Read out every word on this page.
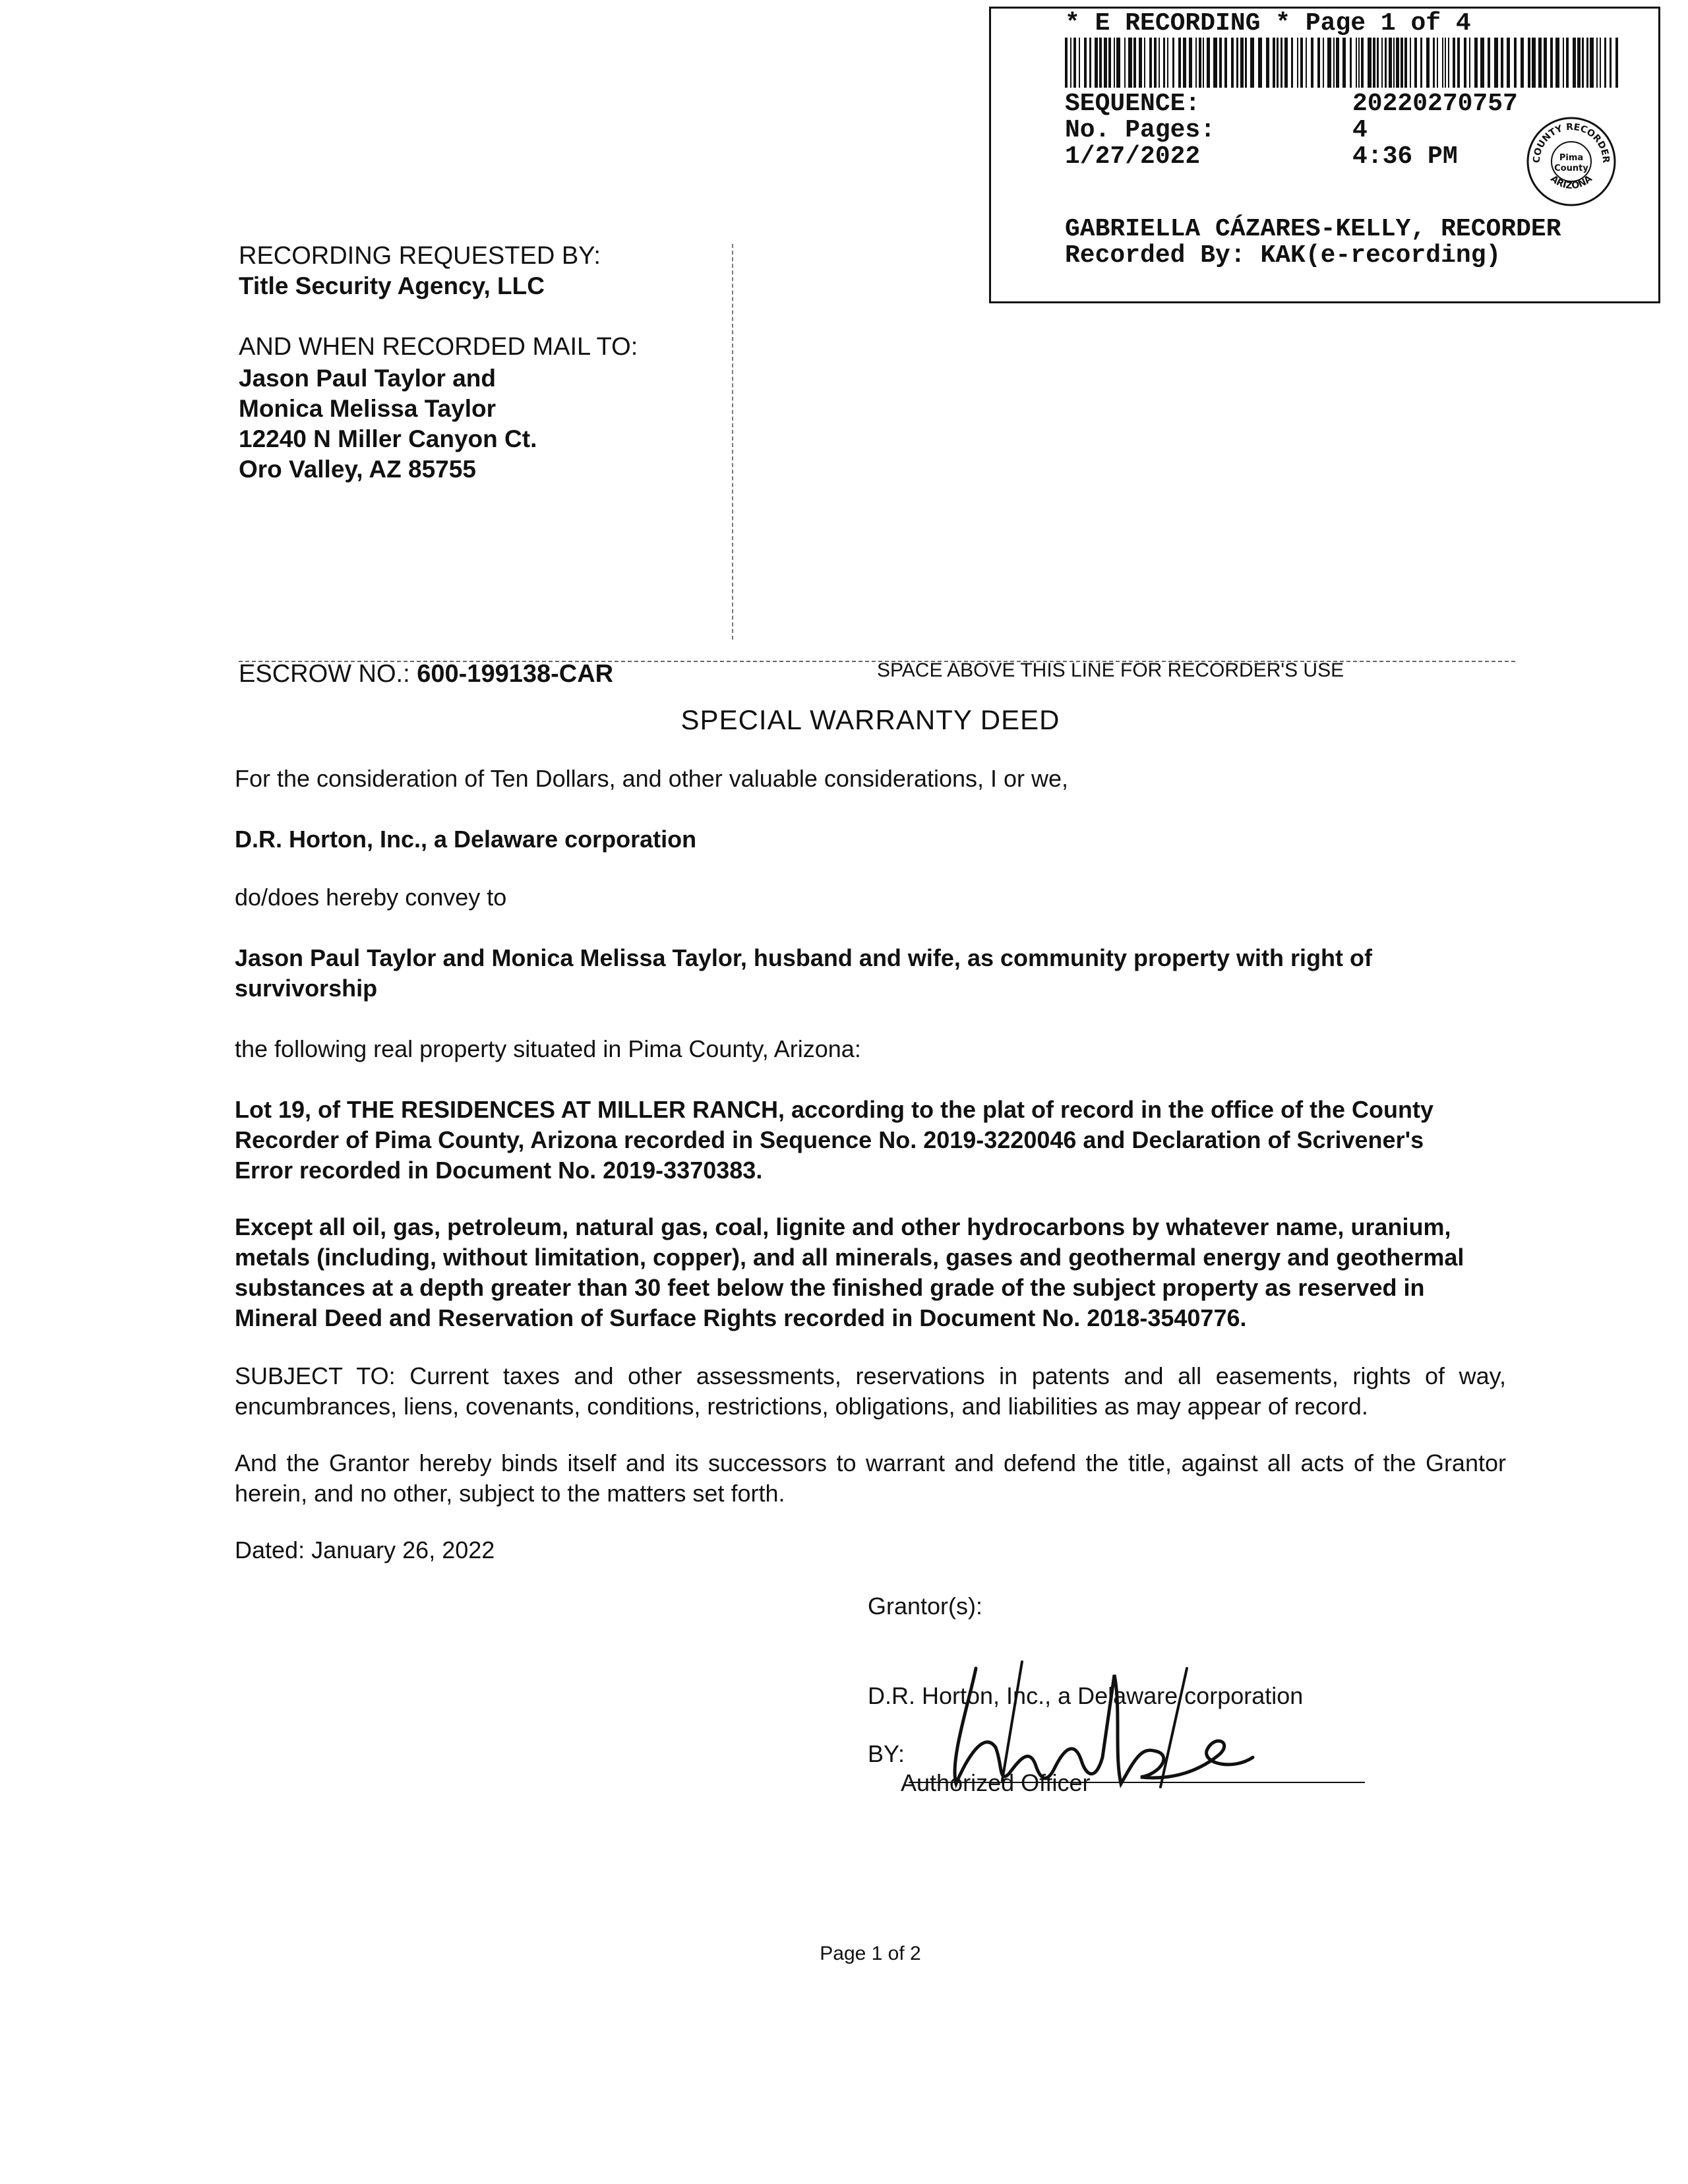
* E RECORDING * Page 1 of 4
SEQUENCE:	20220270757
No. Pages:	4
1/27/2022	4:36 PM	COUNTY RECORDER
ARIZONA
Pima
County
GABRIELLA CÁZARES-KELLY, RECORDER
Recorded By: KAK(e-recording)
RECORDING REQUESTED BY:
Title Security Agency, LLC
AND WHEN RECORDED MAIL TO:
Jason Paul Taylor and
Monica Melissa Taylor
12240 N Miller Canyon Ct.
Oro Valley, AZ 85755
ESCROW NO.: 600-199138-CAR	SPACE ABOVE THIS LINE FOR RECORDER'S USE
SPECIAL WARRANTY DEED
For the consideration of Ten Dollars, and other valuable considerations, I or we,
D.R. Horton, Inc., a Delaware corporation
do/does hereby convey to
Jason Paul Taylor and Monica Melissa Taylor, husband and wife, as community property with right of survivorship
the following real property situated in Pima County, Arizona:
Lot 19, of THE RESIDENCES AT MILLER RANCH, according to the plat of record in the office of the County Recorder of Pima County, Arizona recorded in Sequence No. 2019-3220046 and Declaration of Scrivener's Error recorded in Document No. 2019-3370383.
Except all oil, gas, petroleum, natural gas, coal, lignite and other hydrocarbons by whatever name, uranium, metals (including, without limitation, copper), and all minerals, gases and geothermal energy and geothermal substances at a depth greater than 30 feet below the finished grade of the subject property as reserved in Mineral Deed and Reservation of Surface Rights recorded in Document No. 2018-3540776.
SUBJECT TO: Current taxes and other assessments, reservations in patents and all easements, rights of way, encumbrances, liens, covenants, conditions, restrictions, obligations, and liabilities as may appear of record.
And the Grantor hereby binds itself and its successors to warrant and defend the title, against all acts of the Grantor herein, and no other, subject to the matters set forth.
Dated: January 26, 2022
Grantor(s):
D.R. Horton, Inc., a Delaware corporation
BY:
Authorized Officer
Page 1 of 2
